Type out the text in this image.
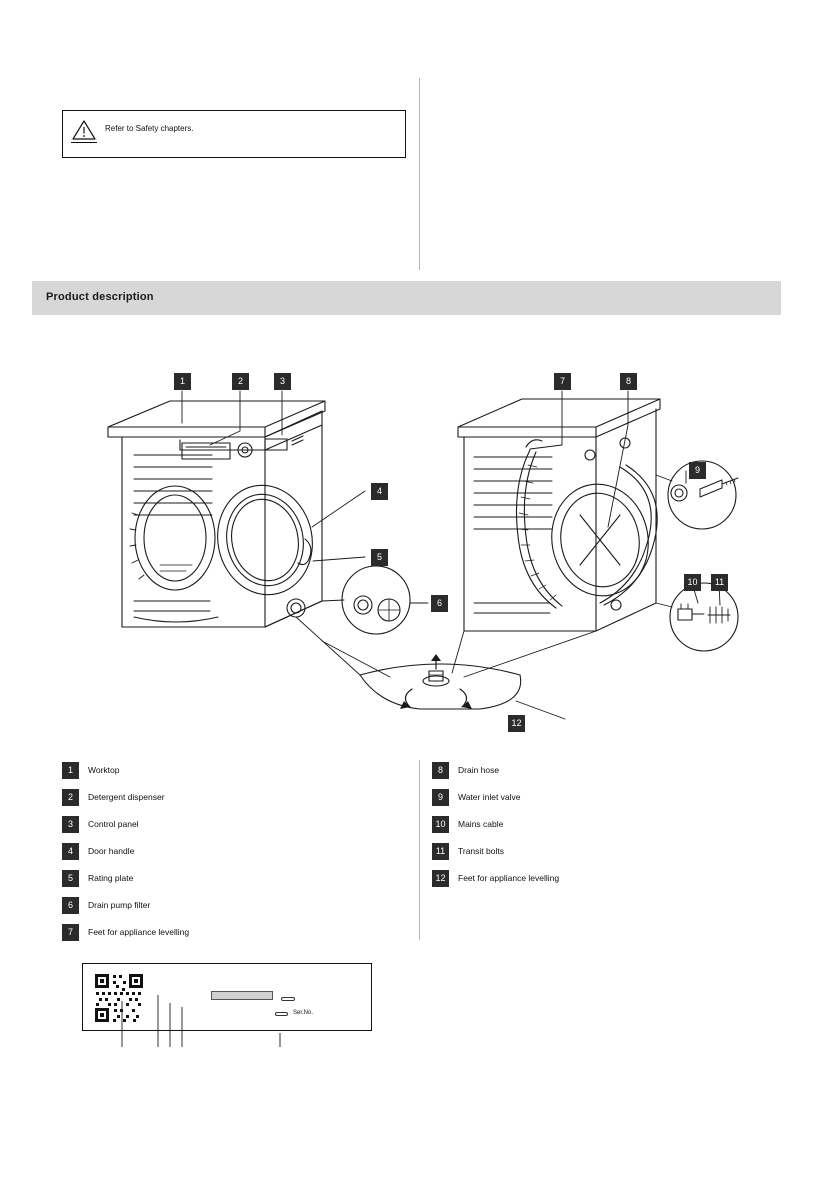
Refer to Safety chapters.
Product description
1	2	3
4
5
6
7	8
9
10	11
12
1	Worktop
2	Detergent dispenser
3	Control panel
4	Door handle
5	Rating plate
6	Drain pump filter
7	Feet for appliance levelling
8	Drain hose
9	Water inlet valve
10	Mains cable
11	Transit bolts
12	Feet for appliance levelling
Ser.No.
